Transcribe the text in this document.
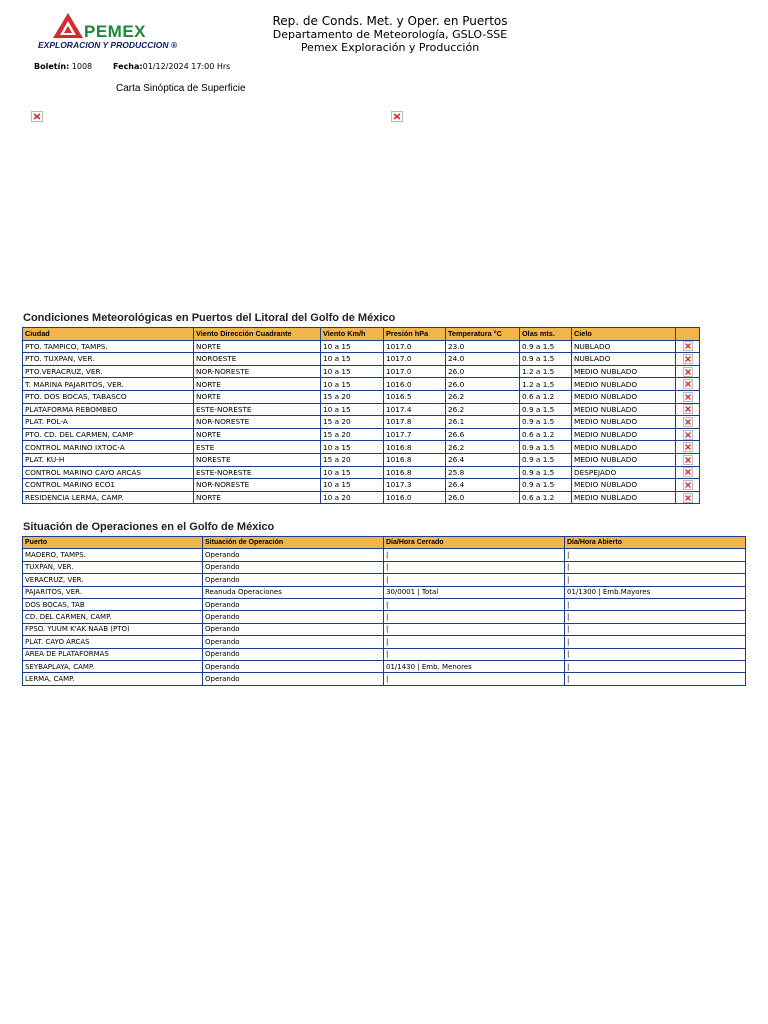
PEMEX
EXPLORACION Y PRODUCCION ®
Rep. de Conds. Met. y Oper. en Puertos
Departamento de Meteorología, GSLO-SSE
Pemex Exploración y Producción
Boletín: 1008	Fecha:01/12/2024 17:00 Hrs
Carta Sinóptica de Superficie
Condiciones Meteorológicas en Puertos del Litoral del Golfo de México
Ciudad	Viento Dirección Cuadrante	Viento Km/h	Presión hPa	Temperatura °C	Olas mts.	Cielo	
PTO. TAMPICO, TAMPS.	NORTE	10 a 15	1017.0	23.0	0.9 a 1.5	NUBLADO	

PTO. TUXPAN, VER.	NOROESTE	10 a 15	1017.0	24.0	0.9 a 1.5	NUBLADO	

PTO.VERACRUZ, VER.	NOR-NORESTE	10 a 15	1017.0	26.0	1.2 a 1.5	MEDIO NUBLADO	

T. MARINA PAJARITOS, VER.	NORTE	10 a 15	1016.0	26.0	1.2 a 1.5	MEDIO NUBLADO	

PTO. DOS BOCAS, TABASCO	NORTE	15 a 20	1016.5	26.2	0.6 a 1.2	MEDIO NUBLADO	

PLATAFORMA REBOMBEO	ESTE-NORESTE	10 a 15	1017.4	26.2	0.9 a 1.5	MEDIO NUBLADO	

PLAT. POL-A	NOR-NORESTE	15 a 20	1017.8	26.1	0.9 a 1.5	MEDIO NUBLADO	

PTO. CD. DEL CARMEN, CAMP	NORTE	15 a 20	1017.7	26.6	0.6 a 1.2	MEDIO NUBLADO	

CONTROL MARINO IXTOC-A	ESTE	10 a 15	1016.8	26.2	0.9 a 1.5	MEDIO NUBLADO	

PLAT. KU-H	NORESTE	15 a 20	1016.8	26.4	0.9 a 1.5	MEDIO NUBLADO	

CONTROL MARINO CAYO ARCAS	ESTE-NORESTE	10 a 15	1016.8	25.8	0.9 a 1.5	DESPEJADO	

CONTROL MARINO ECO1	NOR-NORESTE	10 a 15	1017.3	26.4	0.9 a 1.5	MEDIO NUBLADO	

RESIDENCIA LERMA, CAMP.	NORTE	10 a 20	1016.0	26.0	0.6 a 1.2	MEDIO NUBLADO	
Situación de Operaciones en el Golfo de México
Puerto	Situación de Operación	Día/Hora Cerrado	Día/Hora Abierto
MADERO, TAMPS.	Operando	|	|
TUXPAN, VER.	Operando	|	|
VERACRUZ, VER.	Operando	|	|
PAJARITOS, VER.	Reanuda Operaciones	30/0001 | Total	01/1300 | Emb.Mayores
DOS BOCAS, TAB	Operando	|	|
CD. DEL CARMEN, CAMP.	Operando	|	|
FPSO. YUUM K'AK NAAB (PTO)	Operando	|	|
PLAT. CAYO ARCAS	Operando	|	|
AREA DE PLATAFORMAS	Operando	|	|
SEYBAPLAYA, CAMP.	Operando	01/1430 | Emb. Menores	|
LERMA, CAMP.	Operando	|	|
